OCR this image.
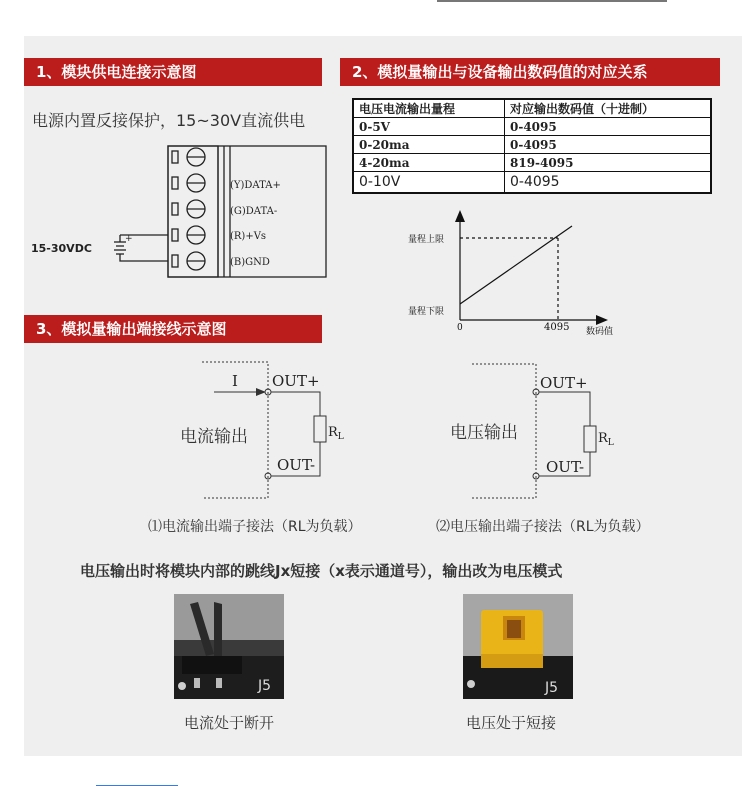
1、模块供电连接示意图
电源内置反接保护，15~30V直流供电
(Y)DATA+
(G)DATA-
(R)+Vs
(B)GND
15-30VDC
+
2、模拟量输出与设备输出数码值的对应关系
电压电流输出量程	对应输出数码值（十进制）
0-5V	0-4095
0-20ma	0-4095
4-20ma	819-4095
0-10V	0-4095
量程上限
量程下限
0	4095 数码值
3、模拟量输出端接线示意图
I OUT+
OUT-
$R_L$
电流输出
OUT+
OUT-
$R_L$
电压输出
⑴电流输出端子接法（RL为负载）	⑵电压输出端子接法（RL为负载）
电压输出时将模块内部的跳线Jx短接（x表示通道号），输出改为电压模式
J5
电流处于断开
J5
电压处于短接
